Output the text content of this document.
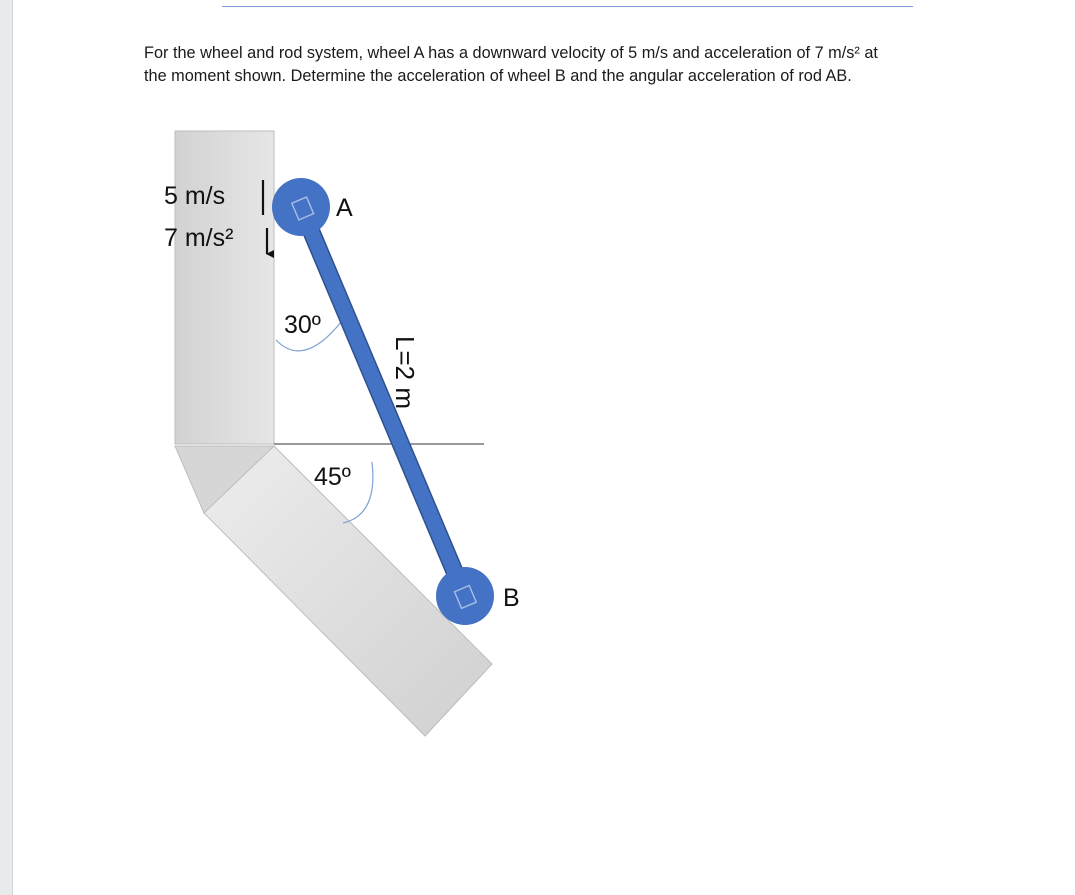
For the wheel and rod system, wheel A has a downward velocity of 5 m/s and acceleration of 7 m/s² at
the moment shown. Determine the acceleration of wheel B and the angular acceleration of rod AB.
5 m/s
7 m/s²
A
B
30º
45º
L=2 m
